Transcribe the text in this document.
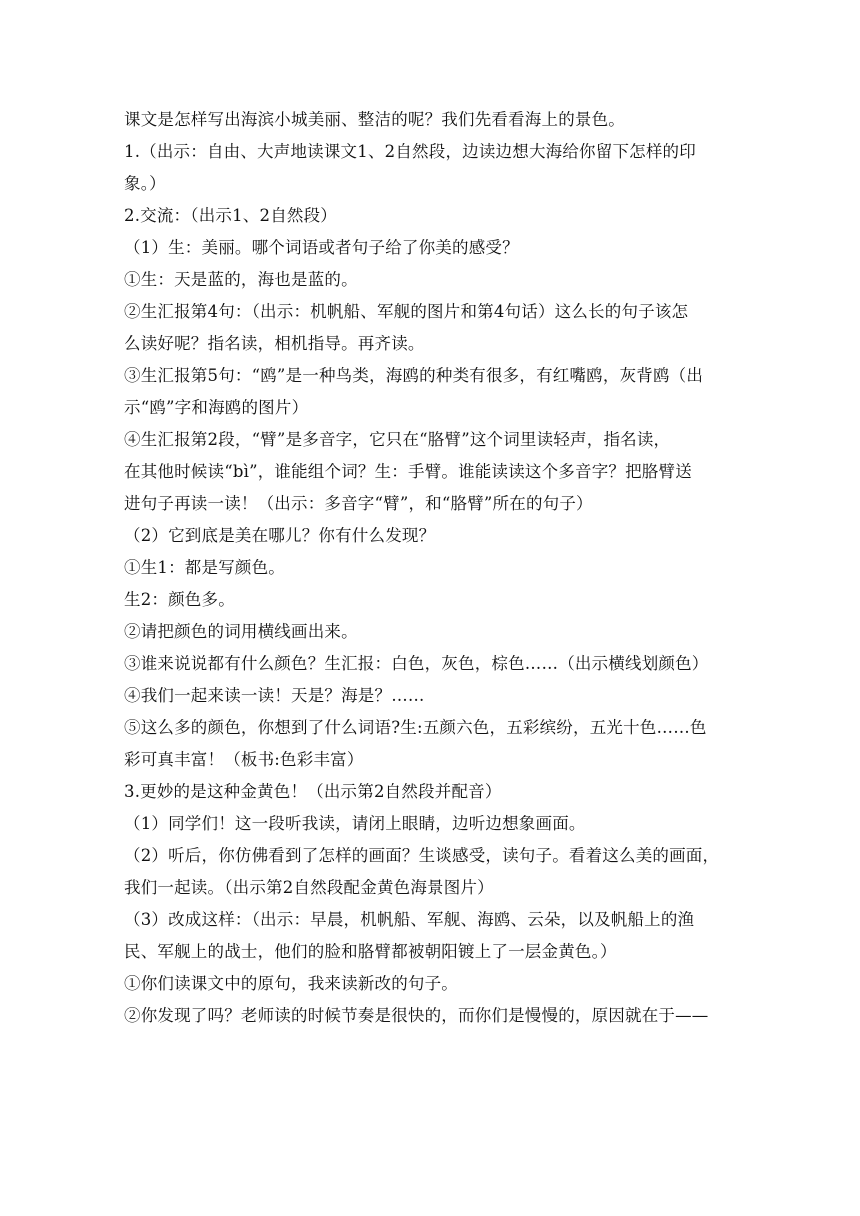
课文是怎样写出海滨小城美丽、整洁的呢？我们先看看海上的景色。
1.（出示：自由、大声地读课文1、2自然段，边读边想大海给你留下怎样的印
象。）
2.交流：（出示1、2自然段）
（1）生：美丽。哪个词语或者句子给了你美的感受？
①生：天是蓝的，海也是蓝的。
②生汇报第4句：（出示：机帆船、军舰的图片和第4句话）这么长的句子该怎
么读好呢？指名读，相机指导。再齐读。
③生汇报第5句：“鸥”是一种鸟类，海鸥的种类有很多，有红嘴鸥，灰背鸥（出
示“鸥”字和海鸥的图片）
④生汇报第2段，“臂”是多音字，它只在“胳臂”这个词里读轻声，指名读，
在其他时候读“bì”，谁能组个词？生：手臂。谁能读读这个多音字？把胳臂送
进句子再读一读！（出示：多音字“臂”，和“胳臂”所在的句子）
（2）它到底是美在哪儿？你有什么发现？
①生1：都是写颜色。
生2：颜色多。
②请把颜色的词用横线画出来。
③谁来说说都有什么颜色？生汇报：白色，灰色，棕色……（出示横线划颜色）
④我们一起来读一读！天是？海是？……
⑤这么多的颜色，你想到了什么词语?生:五颜六色，五彩缤纷，五光十色……色
彩可真丰富！（板书:色彩丰富）
3.更妙的是这种金黄色！（出示第2自然段并配音）
（1）同学们！这一段听我读，请闭上眼睛，边听边想象画面。
（2）听后，你仿佛看到了怎样的画面？生谈感受，读句子。看着这么美的画面，
我们一起读。（出示第2自然段配金黄色海景图片）
（3）改成这样：（出示：早晨，机帆船、军舰、海鸥、云朵，以及帆船上的渔
民、军舰上的战士，他们的脸和胳臂都被朝阳镀上了一层金黄色。）
①你们读课文中的原句，我来读新改的句子。
②你发现了吗？老师读的时候节奏是很快的，而你们是慢慢的，原因就在于——
